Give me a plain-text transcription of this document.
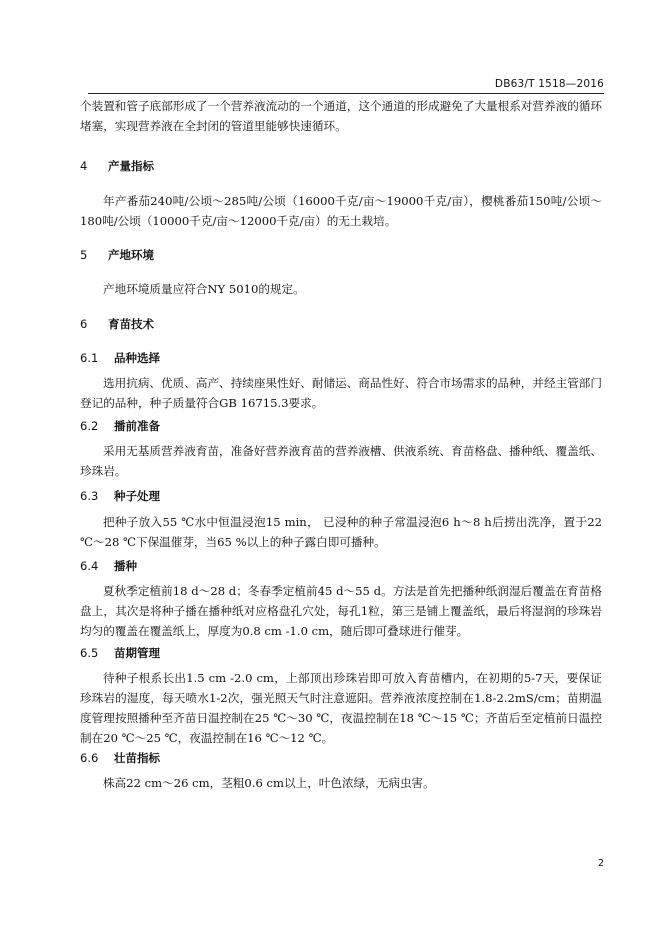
DB63/T 1518—2016

个装置和管子底部形成了一个营养液流动的一个通道，这个通道的形成避免了大量根系对营养液的循环堵塞，实现营养液在全封闭的管道里能够快速循环。

4 产量指标

年产番茄240吨/公顷～285吨/公顷（16000千克/亩～19000千克/亩），樱桃番茄150吨/公顷～180吨/公顷（10000千克/亩～12000千克/亩）的无土栽培。

5 产地环境

产地环境质量应符合NY 5010的规定。

6 育苗技术
6.1 品种选择

选用抗病、优质、高产、持续座果性好、耐储运、商品性好、符合市场需求的品种，并经主管部门登记的品种，种子质量符合GB 16715.3要求。

6.2 播前准备

采用无基质营养液育苗，准备好营养液育苗的营养液槽、供液系统、育苗格盘、播种纸、覆盖纸、珍珠岩。

6.3 种子处理

把种子放入55 ℃水中恒温浸泡15 min， 已浸种的种子常温浸泡6 h～8 h后捞出洗净，置于22 ℃～28 ℃下保温催芽，当65 %以上的种子露白即可播种。

6.4 播种

夏秋季定植前18 d～28 d；冬春季定植前45 d～55 d。方法是首先把播种纸润湿后覆盖在育苗格盘上，其次是将种子播在播种纸对应格盘孔穴处，每孔1粒，第三是铺上覆盖纸，最后将湿润的珍珠岩均匀的覆盖在覆盖纸上，厚度为0.8 cm -1.0 cm，随后即可叠球进行催芽。

6.5 苗期管理

待种子根系长出1.5 cm -2.0 cm，上部顶出珍珠岩即可放入育苗槽内，在初期的5-7天，要保证珍珠岩的湿度，每天喷水1-2次，强光照天气时注意遮阳。营养液浓度控制在1.8-2.2mS/cm；苗期温度管理按照播种至齐苗日温控制在25 ℃～30 ℃，夜温控制在18 ℃～15 ℃；齐苗后至定植前日温控制在20 ℃～25 ℃，夜温控制在16 ℃～12 ℃。

6.6 壮苗指标

株高22 cm～26 cm，茎粗0.6 cm以上，叶色浓绿，无病虫害。

2
